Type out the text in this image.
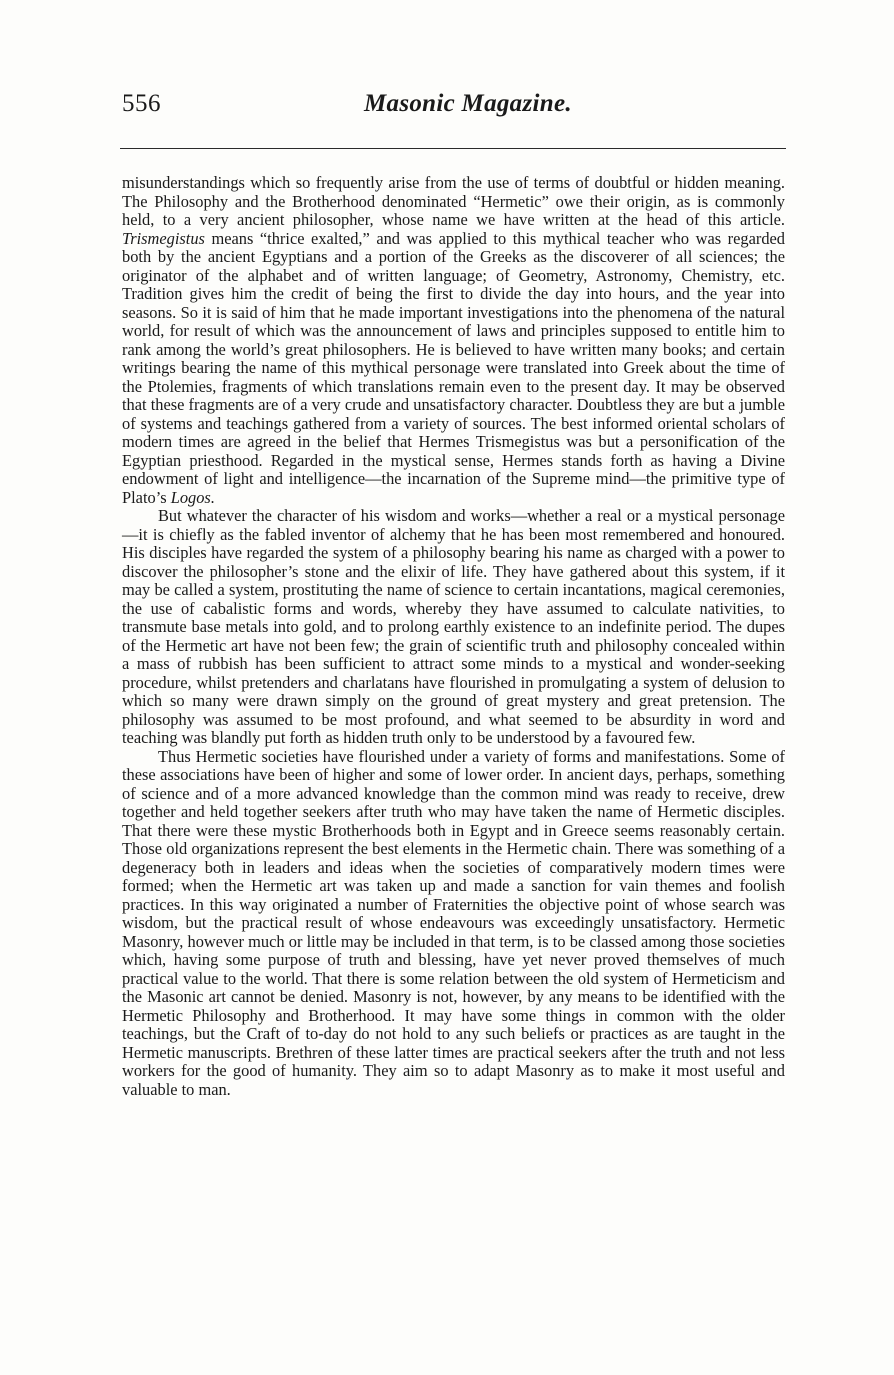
556	Masonic Magazine.

misunderstandings which so frequently arise from the use of terms of doubtful or hidden meaning. The Philosophy and the Brotherhood denominated “Hermetic” owe their origin, as is commonly held, to a very ancient philosopher, whose name we have written at the head of this article. Trismegistus means “thrice exalted,” and was applied to this mythical teacher who was regarded both by the ancient Egyptians and a portion of the Greeks as the discoverer of all sciences; the originator of the alphabet and of written language; of Geometry, Astronomy, Chemistry, etc. Tradition gives him the credit of being the first to divide the day into hours, and the year into seasons. So it is said of him that he made important investigations into the phenomena of the natural world, for result of which was the announcement of laws and principles supposed to entitle him to rank among the world’s great philosophers. He is believed to have written many books; and certain writings bearing the name of this mythical personage were translated into Greek about the time of the Ptolemies, fragments of which translations remain even to the present day. It may be observed that these fragments are of a very crude and unsatisfactory character. Doubtless they are but a jumble of systems and teachings gathered from a variety of sources. The best informed oriental scholars of modern times are agreed in the belief that Hermes Trismegistus was but a personification of the Egyptian priesthood. Regarded in the mystical sense, Hermes stands forth as having a Divine endowment of light and intelligence—the incarnation of the Supreme mind—the primitive type of Plato’s Logos.

But whatever the character of his wisdom and works—whether a real or a mystical personage—it is chiefly as the fabled inventor of alchemy that he has been most remembered and honoured. His disciples have regarded the system of a philosophy bearing his name as charged with a power to discover the philosopher’s stone and the elixir of life. They have gathered about this system, if it may be called a system, prostituting the name of science to certain incantations, magical ceremonies, the use of cabalistic forms and words, whereby they have assumed to calculate nativities, to transmute base metals into gold, and to prolong earthly existence to an indefinite period. The dupes of the Hermetic art have not been few; the grain of scientific truth and philosophy concealed within a mass of rubbish has been sufficient to attract some minds to a mystical and wonder-seeking procedure, whilst pretenders and charlatans have flourished in promulgating a system of delusion to which so many were drawn simply on the ground of great mystery and great pretension. The philosophy was assumed to be most profound, and what seemed to be absurdity in word and teaching was blandly put forth as hidden truth only to be understood by a favoured few.

Thus Hermetic societies have flourished under a variety of forms and manifestations. Some of these associations have been of higher and some of lower order. In ancient days, perhaps, something of science and of a more advanced knowledge than the common mind was ready to receive, drew together and held together seekers after truth who may have taken the name of Hermetic disciples. That there were these mystic Brotherhoods both in Egypt and in Greece seems reasonably certain. Those old organizations represent the best elements in the Hermetic chain. There was something of a degeneracy both in leaders and ideas when the societies of comparatively modern times were formed; when the Hermetic art was taken up and made a sanction for vain themes and foolish practices. In this way originated a number of Fraternities the objective point of whose search was wisdom, but the practical result of whose endeavours was exceedingly unsatisfactory. Hermetic Masonry, however much or little may be included in that term, is to be classed among those societies which, having some purpose of truth and blessing, have yet never proved themselves of much practical value to the world. That there is some relation between the old system of Hermeticism and the Masonic art cannot be denied. Masonry is not, however, by any means to be identified with the Hermetic Philosophy and Brotherhood. It may have some things in common with the older teachings, but the Craft of to-day do not hold to any such beliefs or practices as are taught in the Hermetic manuscripts. Brethren of these latter times are practical seekers after the truth and not less workers for the good of humanity. They aim so to adapt Masonry as to make it most useful and valuable to man.
